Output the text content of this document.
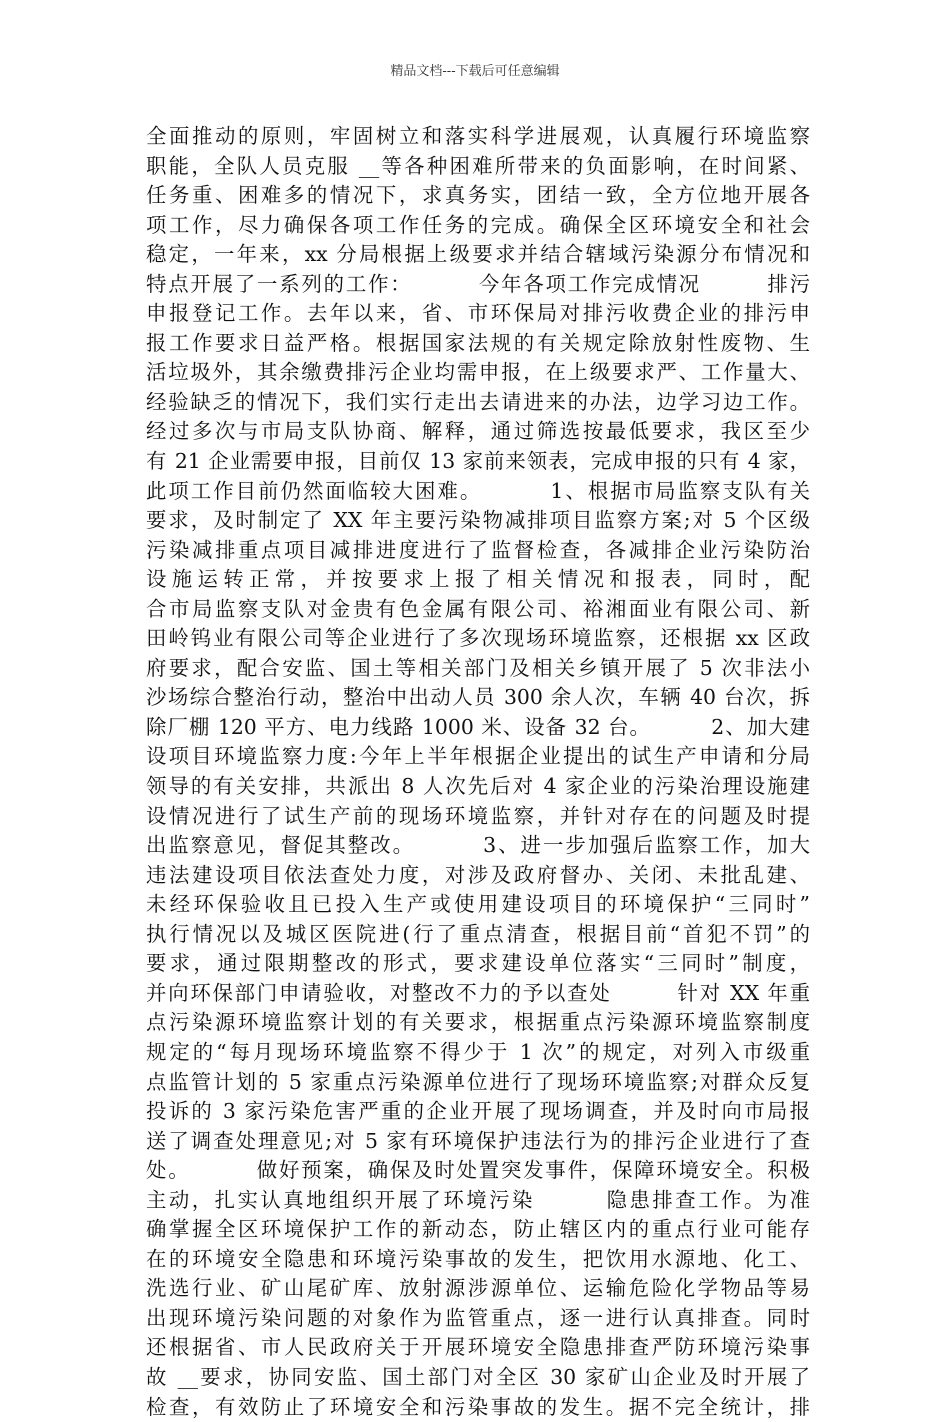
精品文档---下载后可任意编辑
全面推动的原则，牢固树立和落实科学进展观，认真履行环境监察
职能，全队人员克服 __等各种困难所带来的负面影响，在时间紧、
任务重、困难多的情况下，求真务实，团结一致，全方位地开展各
项工作，尽力确保各项工作任务的完成。确保全区环境安全和社会
稳定，一年来，xx 分局根据上级要求并结合辖域污染源分布情况和
特点开展了一系列的工作：        今年各项工作完成情况        排污
申报登记工作。去年以来，省、市环保局对排污收费企业的排污申
报工作要求日益严格。根据国家法规的有关规定除放射性废物、生
活垃圾外，其余缴费排污企业均需申报，在上级要求严、工作量大、
经验缺乏的情况下，我们实行走出去请进来的办法，边学习边工作。
经过多次与市局支队协商、解释，通过筛选按最低要求，我区至少
有 21 企业需要申报，目前仅 13 家前来领表，完成申报的只有 4 家，
此项工作目前仍然面临较大困难。        1、根据市局监察支队有关
要求，及时制定了 XX 年主要污染物减排项目监察方案;对 5 个区级
污染减排重点项目减排进度进行了监督检查，各减排企业污染防治
设施运转正常，并按要求上报了相关情况和报表，同时，配
合市局监察支队对金贵有色金属有限公司、裕湘面业有限公司、新
田岭钨业有限公司等企业进行了多次现场环境监察，还根据 xx 区政
府要求，配合安监、国土等相关部门及相关乡镇开展了 5 次非法小
沙场综合整治行动，整治中出动人员 300 余人次，车辆 40 台次，拆
除厂棚 120 平方、电力线路 1000 米、设备 32 台。        2、加大建
设项目环境监察力度:今年上半年根据企业提出的试生产申请和分局
领导的有关安排，共派出 8 人次先后对 4 家企业的污染治理设施建
设情况进行了试生产前的现场环境监察，并针对存在的问题及时提
出监察意见，督促其整改。        3、进一步加强后监察工作，加大
违法建设项目依法查处力度，对涉及政府督办、关闭、未批乱建、
未经环保验收且已投入生产或使用建设项目的环境保护“三同时”
执行情况以及城区医院进(行了重点清查，根据目前“首犯不罚”的
要求，通过限期整改的形式，要求建设单位落实“三同时”制度，
并向环保部门申请验收，对整改不力的予以查处        针对 XX 年重
点污染源环境监察计划的有关要求，根据重点污染源环境监察制度
规定的“每月现场环境监察不得少于 1 次”的规定，对列入市级重
点监管计划的 5 家重点污染源单位进行了现场环境监察;对群众反复
投诉的 3 家污染危害严重的企业开展了现场调查，并及时向市局报
送了调查处理意见;对 5 家有环境保护违法行为的排污企业进行了查
处。        做好预案，确保及时处置突发事件，保障环境安全。积极
主动，扎实认真地组织开展了环境污染        隐患排查工作。为准
确掌握全区环境保护工作的新动态，防止辖区内的重点行业可能存
在的环境安全隐患和环境污染事故的发生，把饮用水源地、化工、
洗选行业、矿山尾矿库、放射源涉源单位、运输危险化学物品等易
出现环境污染问题的对象作为监管重点，逐一进行认真排查。同时
还根据省、市人民政府关于开展环境安全隐患排查严防环境污染事
故 __要求，协同安监、国土部门对全区 30 家矿山企业及时开展了
检查，有效防止了环境安全和污染事故的发生。据不完全统计，排
